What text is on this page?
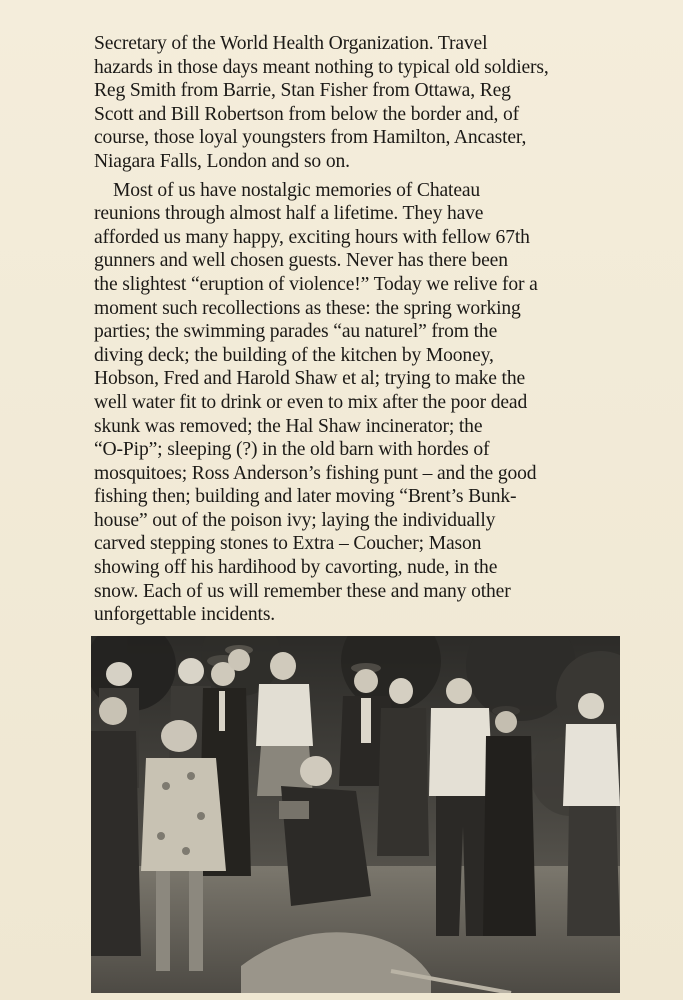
Secretary of the World Health Organization. Travel
hazards in those days meant nothing to typical old soldiers,
Reg Smith from Barrie, Stan Fisher from Ottawa, Reg
Scott and Bill Robertson from below the border and, of
course, those loyal youngsters from Hamilton, Ancaster,
Niagara Falls, London and so on.

Most of us have nostalgic memories of Chateau
reunions through almost half a lifetime. They have
afforded us many happy, exciting hours with fellow 67th
gunners and well chosen guests. Never has there been
the slightest “eruption of violence!” Today we relive for a
moment such recollections as these: the spring working
parties; the swimming parades “au naturel” from the
diving deck; the building of the kitchen by Mooney,
Hobson, Fred and Harold Shaw et al; trying to make the
well water fit to drink or even to mix after the poor dead
skunk was removed; the Hal Shaw incinerator; the
“O-Pip”; sleeping (?) in the old barn with hordes of
mosquitoes; Ross Anderson’s fishing punt – and the good
fishing then; building and later moving “Brent’s Bunk-
house” out of the poison ivy; laying the individually
carved stepping stones to Extra – Coucher; Mason
showing off his hardihood by cavorting, nude, in the
snow. Each of us will remember these and many other
unforgettable incidents.
